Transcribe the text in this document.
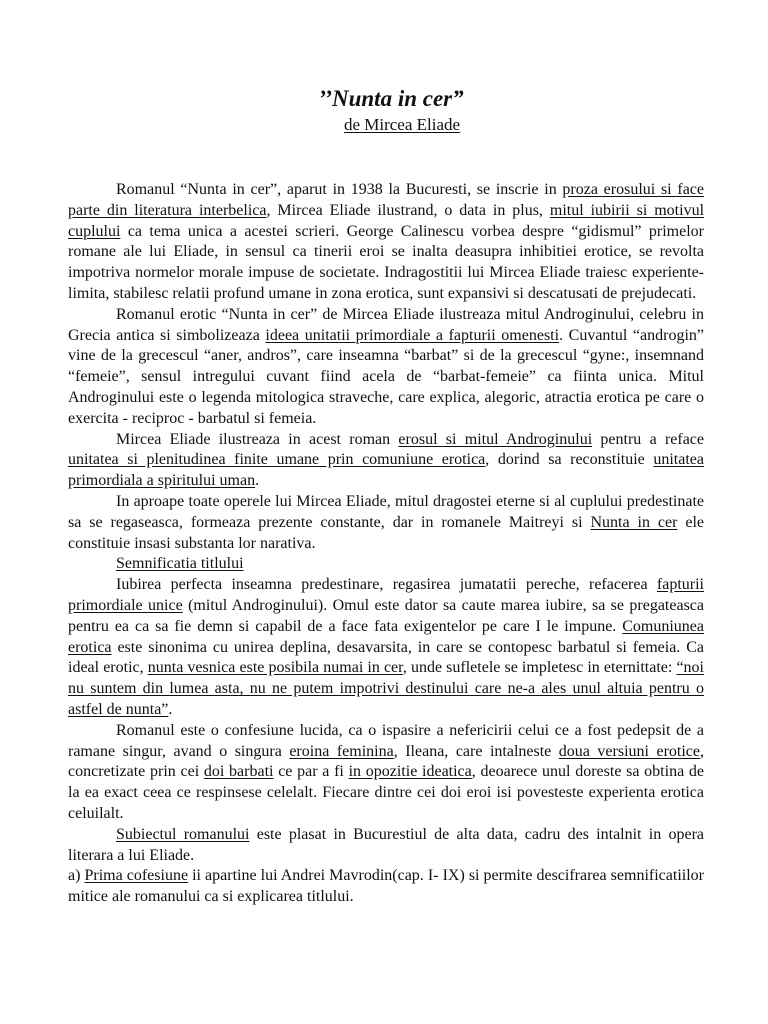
’’Nunta in cer”
de Mircea Eliade

Romanul “Nunta in cer”, aparut in 1938 la Bucuresti, se inscrie in proza erosului si face parte din literatura interbelica, Mircea Eliade ilustrand, o data in plus, mitul iubirii si motivul cuplului ca tema unica a acestei scrieri. George Calinescu vorbea despre “gidismul” primelor romane ale lui Eliade, in sensul ca tinerii eroi se inalta deasupra inhibitiei erotice, se revolta impotriva normelor morale impuse de societate. Indragostitii lui Mircea Eliade traiesc experiente-limita, stabilesc relatii profund umane in zona erotica, sunt expansivi si descatusati de prejudecati.

Romanul erotic “Nunta in cer” de Mircea Eliade ilustreaza mitul Androginului, celebru in Grecia antica si simbolizeaza ideea unitatii primordiale a fapturii omenesti. Cuvantul “androgin” vine de la grecescul “aner, andros”, care inseamna “barbat” si de la grecescul “gyne:, insemnand “femeie”, sensul intregului cuvant fiind acela de “barbat-femeie” ca fiinta unica. Mitul Androginului este o legenda mitologica straveche, care explica, alegoric, atractia erotica pe care o exercita - reciproc - barbatul si femeia.

Mircea Eliade ilustreaza in acest roman erosul si mitul Androginului pentru a reface unitatea si plenitudinea finite umane prin comuniune erotica, dorind sa reconstituie unitatea primordiala a spiritului uman.

In aproape toate operele lui Mircea Eliade, mitul dragostei eterne si al cuplului predestinate sa se regaseasca, formeaza prezente constante, dar in romanele Maitreyi si Nunta in cer ele constituie insasi substanta lor narativa.

Semnificatia titlului

Iubirea perfecta inseamna predestinare, regasirea jumatatii pereche, refacerea fapturii primordiale unice (mitul Androginului). Omul este dator sa caute marea iubire, sa se pregateasca pentru ea ca sa fie demn si capabil de a face fata exigentelor pe care I le impune. Comuniunea erotica este sinonima cu unirea deplina, desavarsita, in care se contopesc barbatul si femeia. Ca ideal erotic, nunta vesnica este posibila numai in cer, unde sufletele se impletesc in eternittate: “noi nu suntem din lumea asta, nu ne putem impotrivi destinului care ne-a ales unul altuia pentru o astfel de nunta”.

Romanul este o confesiune lucida, ca o ispasire a nefericirii celui ce a fost pedepsit de a ramane singur, avand o singura eroina feminina, Ileana, care intalneste doua versiuni erotice, concretizate prin cei doi barbati ce par a fi in opozitie ideatica, deoarece unul doreste sa obtina de la ea exact ceea ce respinsese celelalt. Fiecare dintre cei doi eroi isi povesteste experienta erotica celuilalt.

Subiectul romanului este plasat in Bucurestiul de alta data, cadru des intalnit in opera literara a lui Eliade.

a) Prima cofesiune ii apartine lui Andrei Mavrodin(cap. I- IX) si permite descifrarea semnificatiilor mitice ale romanului ca si explicarea titlului.
